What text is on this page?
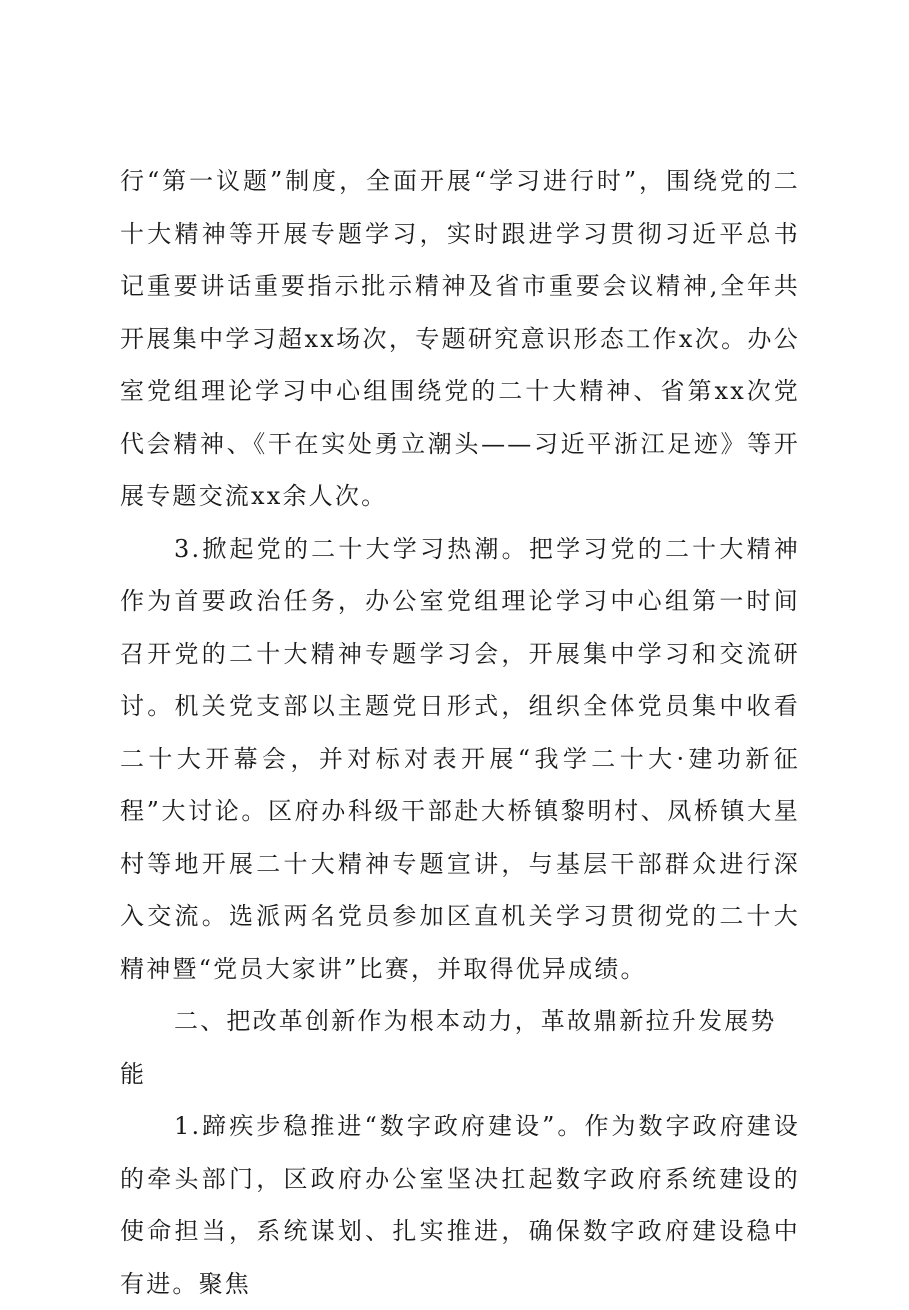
行“第一议题”制度，全面开展“学习进行时”，围绕党的二十大精神等开展专题学习，实时跟进学习贯彻习近平总书记重要讲话重要指示批示精神及省市重要会议精神,全年共开展集中学习超xx场次，专题研究意识形态工作x次。办公室党组理论学习中心组围绕党的二十大精神、省第xx次党代会精神、《干在实处勇立潮头——习近平浙江足迹》等开展专题交流xx余人次。

3.掀起党的二十大学习热潮。把学习党的二十大精神作为首要政治任务，办公室党组理论学习中心组第一时间召开党的二十大精神专题学习会，开展集中学习和交流研讨。机关党支部以主题党日形式，组织全体党员集中收看二十大开幕会，并对标对表开展“我学二十大·建功新征程”大讨论。区府办科级干部赴大桥镇黎明村、凤桥镇大星村等地开展二十大精神专题宣讲，与基层干部群众进行深入交流。选派两名党员参加区直机关学习贯彻党的二十大精神暨“党员大家讲”比赛，并取得优异成绩。

二、把改革创新作为根本动力，革故鼎新拉升发展势能

1.蹄疾步稳推进“数字政府建设”。作为数字政府建设的牵头部门，区政府办公室坚决扛起数字政府系统建设的使命担当，系统谋划、扎实推进，确保数字政府建设稳中有进。聚焦
